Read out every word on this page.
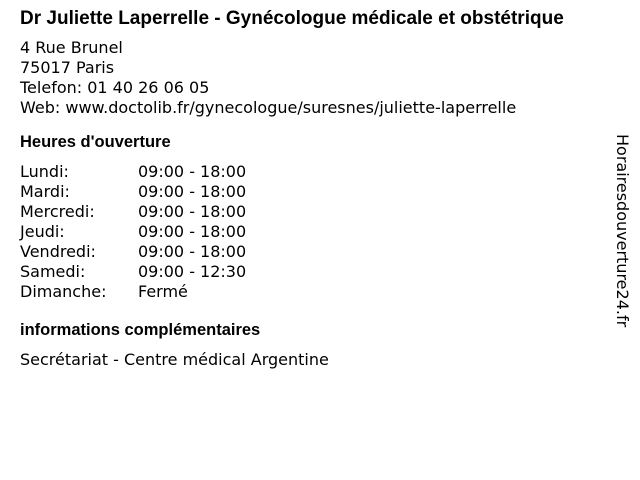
Dr Juliette Laperrelle - Gynécologue médicale et obstétrique
4 Rue Brunel
75017 Paris
Telefon: 01 40 26 06 05
Web: www.doctolib.fr/gynecologue/suresnes/juliette-laperrelle
Heures d'ouverture
Lundi:	09:00 - 18:00
Mardi:	09:00 - 18:00
Mercredi:	09:00 - 18:00
Jeudi:	09:00 - 18:00
Vendredi:	09:00 - 18:00
Samedi:	09:00 - 12:30
Dimanche:	Fermé
informations complémentaires
Secrétariat - Centre médical Argentine
Horairesdouverture24.fr
